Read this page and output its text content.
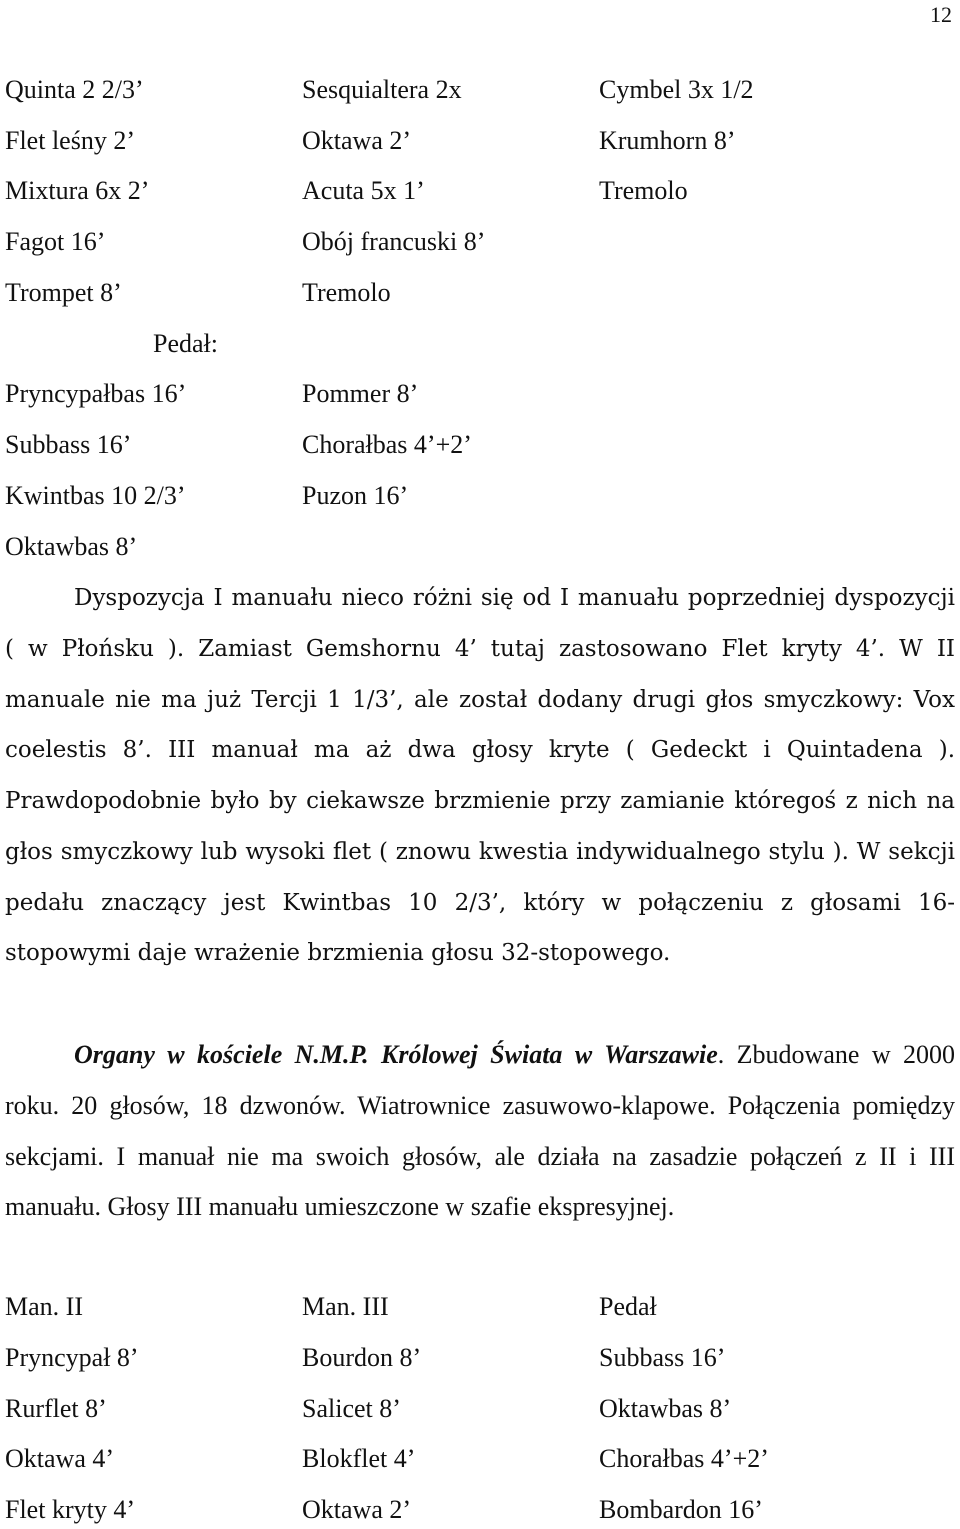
12
Quinta 2 2/3’	Sesquialtera 2x	Cymbel 3x 1/2
Flet leśny 2’	Oktawa 2’	Krumhorn 8’
Mixtura 6x 2’	Acuta 5x 1’	Tremolo
Fagot 16’	Obój francuski 8’
Trompet 8’	Tremolo
Pedał:
Pryncypałbas 16’	Pommer 8’
Subbass 16’	Chorałbas 4’+2’
Kwintbas 10 2/3’	Puzon 16’
Oktawbas 8’

Dyspozycja I manuału nieco różni się od I manuału poprzedniej dyspozycji ( w Płońsku ). Zamiast Gemshornu 4’ tutaj zastosowano Flet kryty 4’. W II manuale nie ma już Tercji 1 1/3’, ale został dodany drugi głos smyczkowy: Vox coelestis 8’. III manuał ma aż dwa głosy kryte ( Gedeckt i Quintadena ). Prawdopodobnie było by ciekawsze brzmienie przy zamianie któregoś z nich na głos smyczkowy lub wysoki flet ( znowu kwestia indywidualnego stylu ). W sekcji pedału znaczący jest Kwintbas 10 2/3’, który w połączeniu z głosami 16-stopowymi daje wrażenie brzmienia głosu 32-stopowego.

Organy w kościele N.M.P. Królowej Świata w Warszawie. Zbudowane w 2000 roku. 20 głosów, 18 dzwonów. Wiatrownice zasuwowo-klapowe. Połączenia pomiędzy sekcjami. I manuał nie ma swoich głosów, ale działa na zasadzie połączeń z II i III manuału. Głosy III manuału umieszczone w szafie ekspresyjnej.

Man. II	Man. III	Pedał
Pryncypał 8’	Bourdon 8’	Subbass 16’
Rurflet 8’	Salicet 8’	Oktawbas 8’
Oktawa 4’	Blokflet 4’	Chorałbas 4’+2’
Flet kryty 4’	Oktawa 2’	Bombardon 16’
